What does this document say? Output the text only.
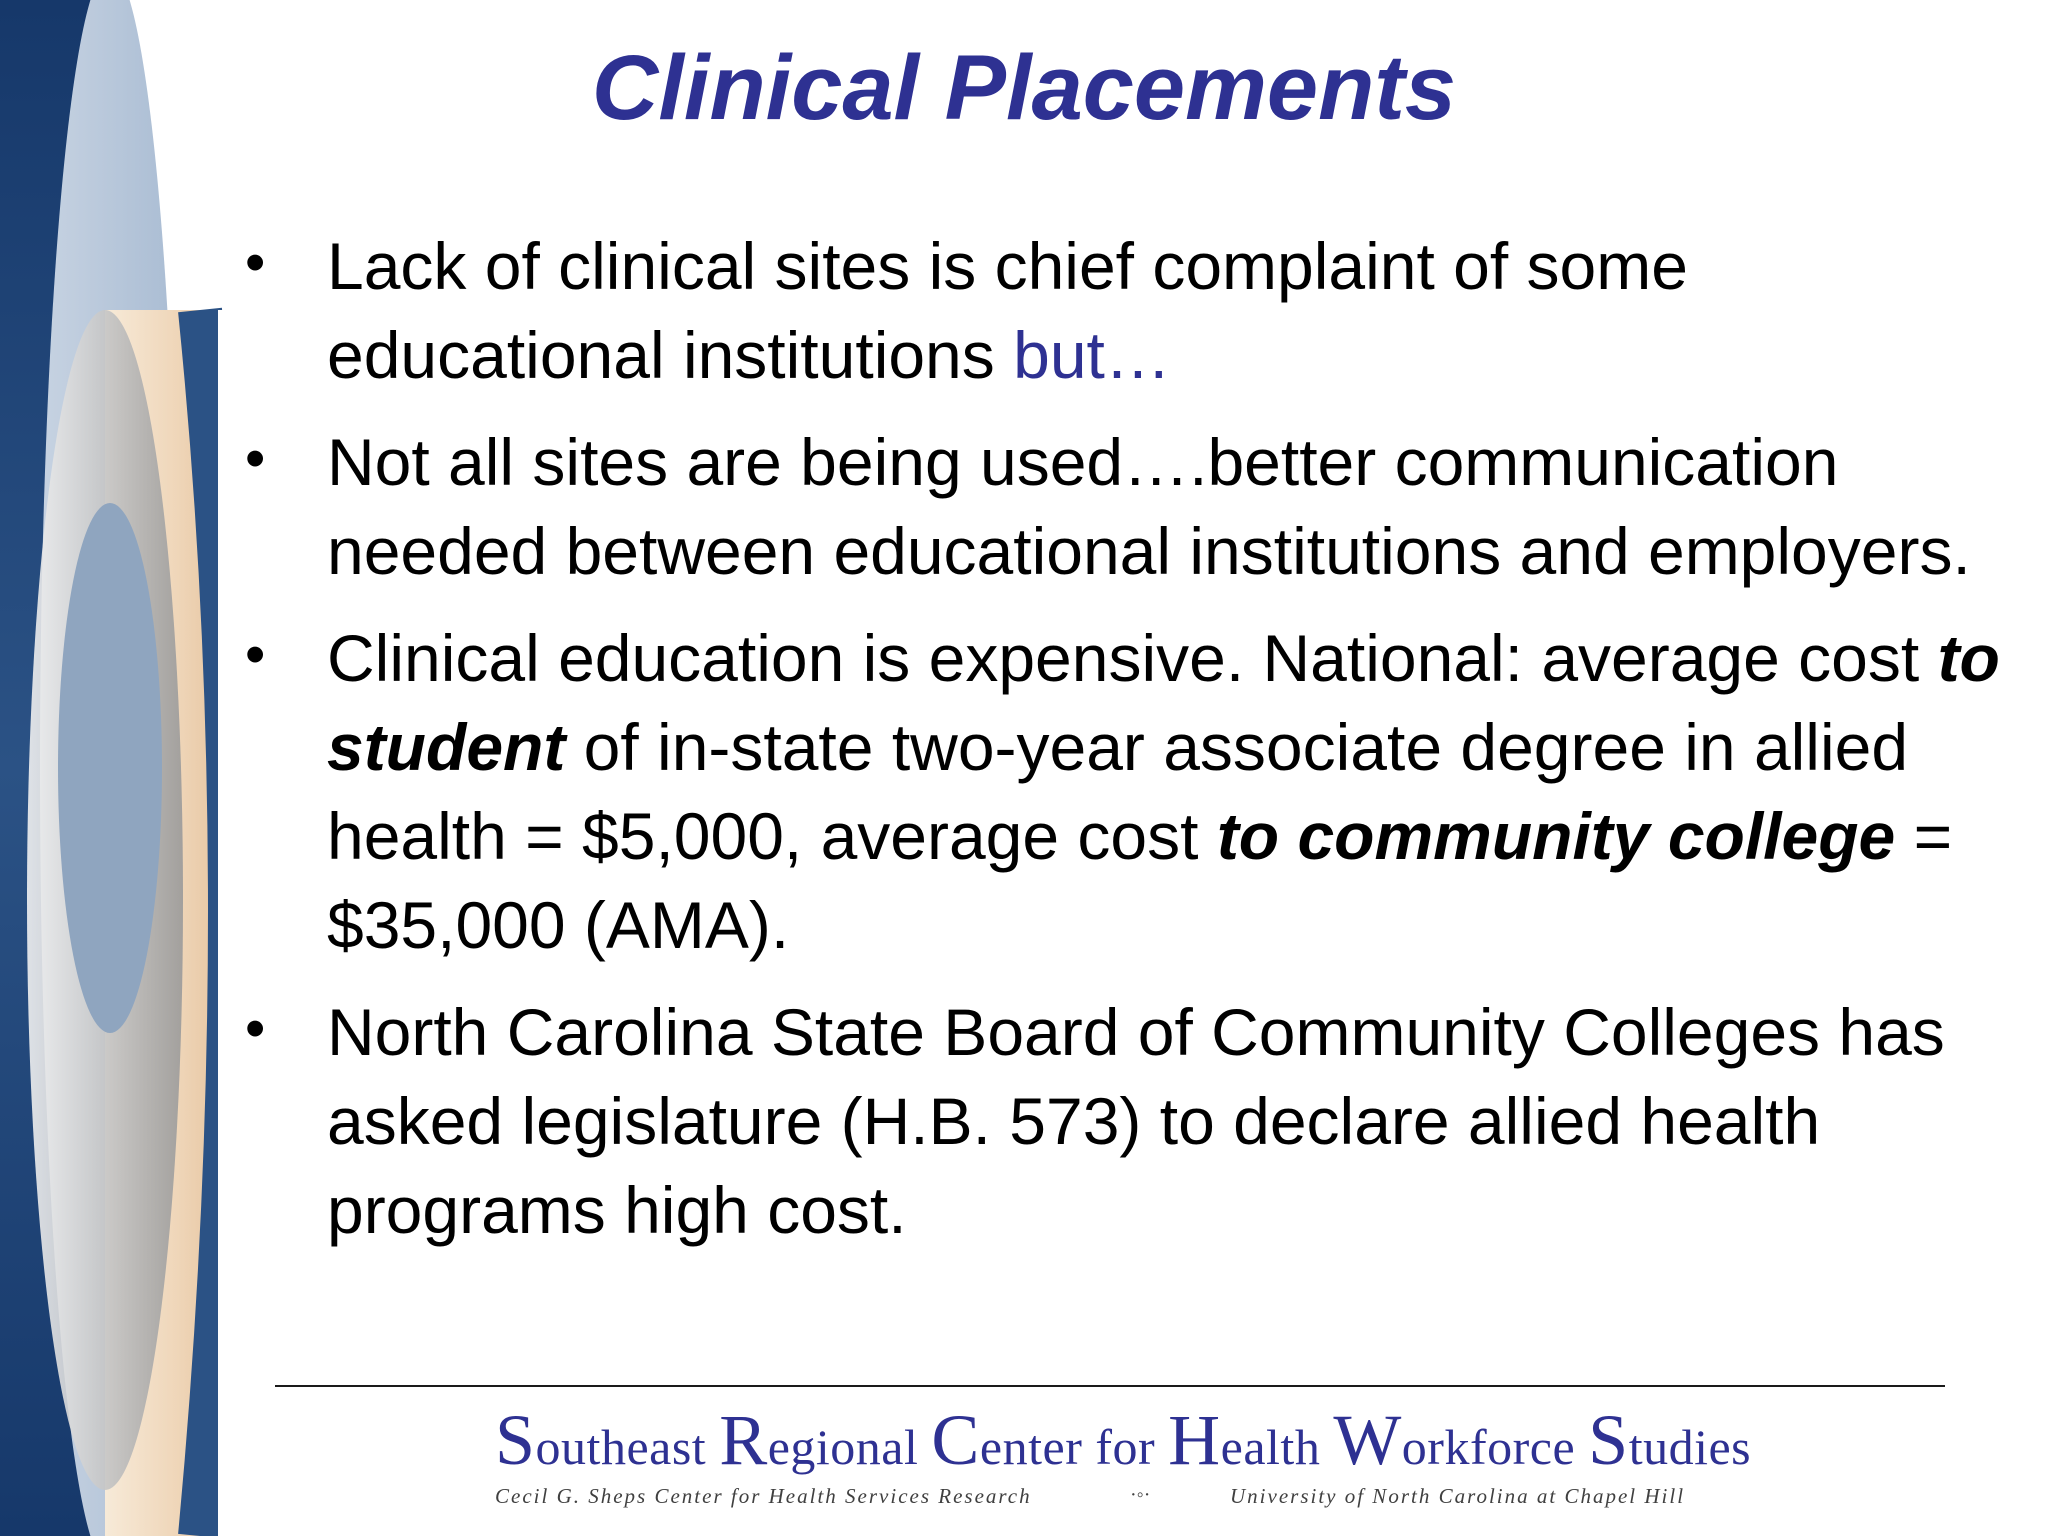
Clinical Placements
• Lack of clinical sites is chief complaint of some educational institutions but…
• Not all sites are being used….better communication needed between educational institutions and employers.
• Clinical education is expensive. National: average cost to student of in-state two-year associate degree in allied health = $5,000, average cost to community college = $35,000 (AMA).
• North Carolina State Board of Community Colleges has asked legislature (H.B. 573) to declare allied health programs high cost.
Southeast Regional Center for Health Workforce Studies
Cecil G. Sheps Center for Health Services Research	·◦·	University of North Carolina at Chapel Hill
